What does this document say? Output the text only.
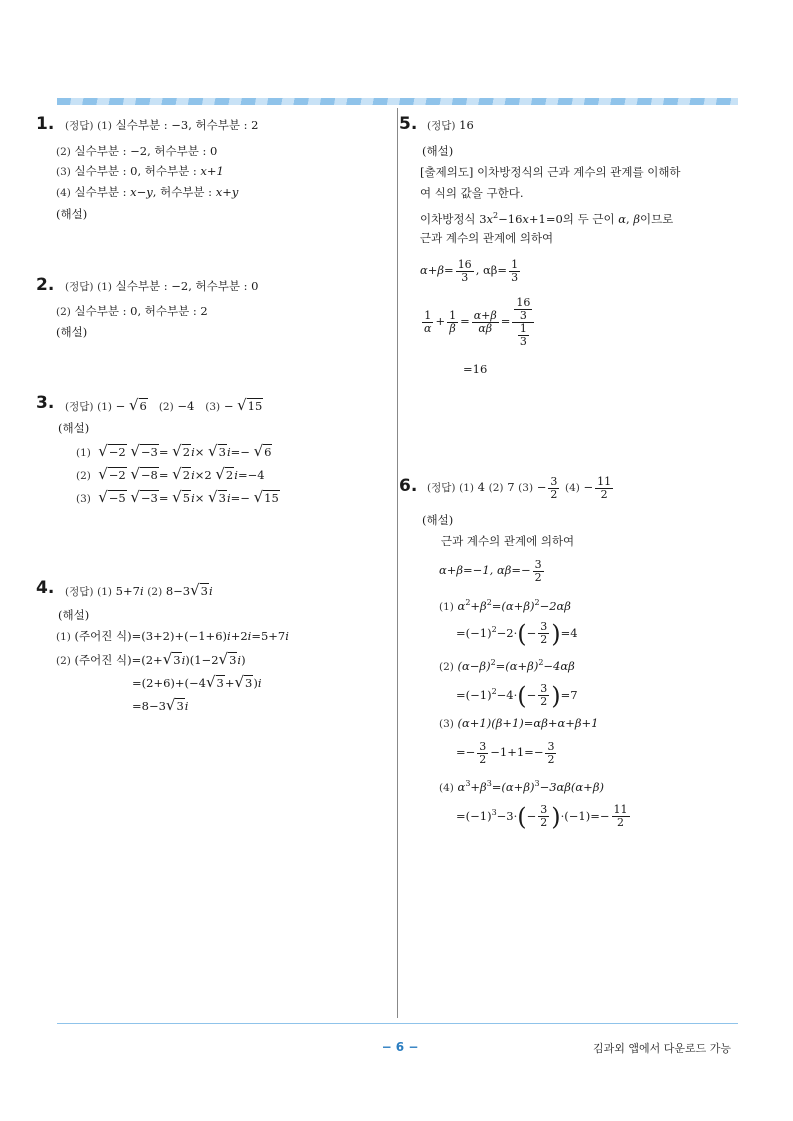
1. (정답) (1) 실수부분 : −3, 허수부분 : 2
(2) 실수부분 : −2, 허수부분 : 0
(3) 실수부분 : 0, 허수부분 : x+1
(4) 실수부분 : x−y, 허수부분 : x+y
(해설)
2. (정답) (1) 실수부분 : −2, 허수부분 : 0
(2) 실수부분 : 0, 허수부분 : 2
(해설)
3. (정답) (1) − √6 (2) −4 (3) − √15
(해설)
(1) √−2 √−3= √2i× √3i=− √6
(2) √−2 √−8= √2i×2 √2i=−4
(3) √−5 √−3= √5i× √3i=− √15
4. (정답) (1) 5+7i (2) 8−3√3i
(해설)
(1) (주어진 식)=(3+2)+(−1+6)i+2i=5+7i
(2) (주어진 식)=(2+√3i)(1−2√3i)
=(2+6)+(−4√3+√3)i
=8−3√3i
5. (정답) 16
(해설)
[출제의도] 이차방정식의 근과 계수의 관계를 이해하
여 식의 값을 구한다.
이차방정식 $3x^2-16x+1=0$의 두 근이 α, β이므로
근과 계수의 관계에 의하여
$\alpha+\beta= \frac{16}{3}$ , $\alpha\beta= \frac{1}{3}$
$\frac{1}{\alpha} + \frac{1}{\beta} = \frac{\alpha+\beta}{\alpha\beta} = \frac{\frac{16}{3}}{\frac{1}{3}}$
=16
6. (정답) (1) 4 (2) 7 $(3) - \frac{3}{2} (4) - \frac{11}{2}$
(해설)
근과 계수의 관계에 의하여
α+β=−1, $\alpha\beta=- \frac{3}{2}$
(1) $\alpha^2+\beta^2=(\alpha+\beta)^2-2\alpha\beta$
$=(-1)^2-2\cdot(- \frac{3}{2} )=4$
(2) $(\alpha-\beta)^2=(\alpha+\beta)^2-4\alpha\beta$
$=(-1)^2-4\cdot(- \frac{3}{2} )=7$
(3) (α+1)(β+1)=αβ+α+β+1
=− $\frac{3}{2} -1+1=- \frac{3}{2}$
(4) $\alpha^3+\beta^3=(\alpha+\beta)^3-3\alpha\beta(\alpha+\beta)$
$=(-1)^3-3\cdot(- \frac{3}{2} )\cdot(-1)=- \frac{11}{2}$
− 6 −	김과외 앱에서 다운로드 가능
